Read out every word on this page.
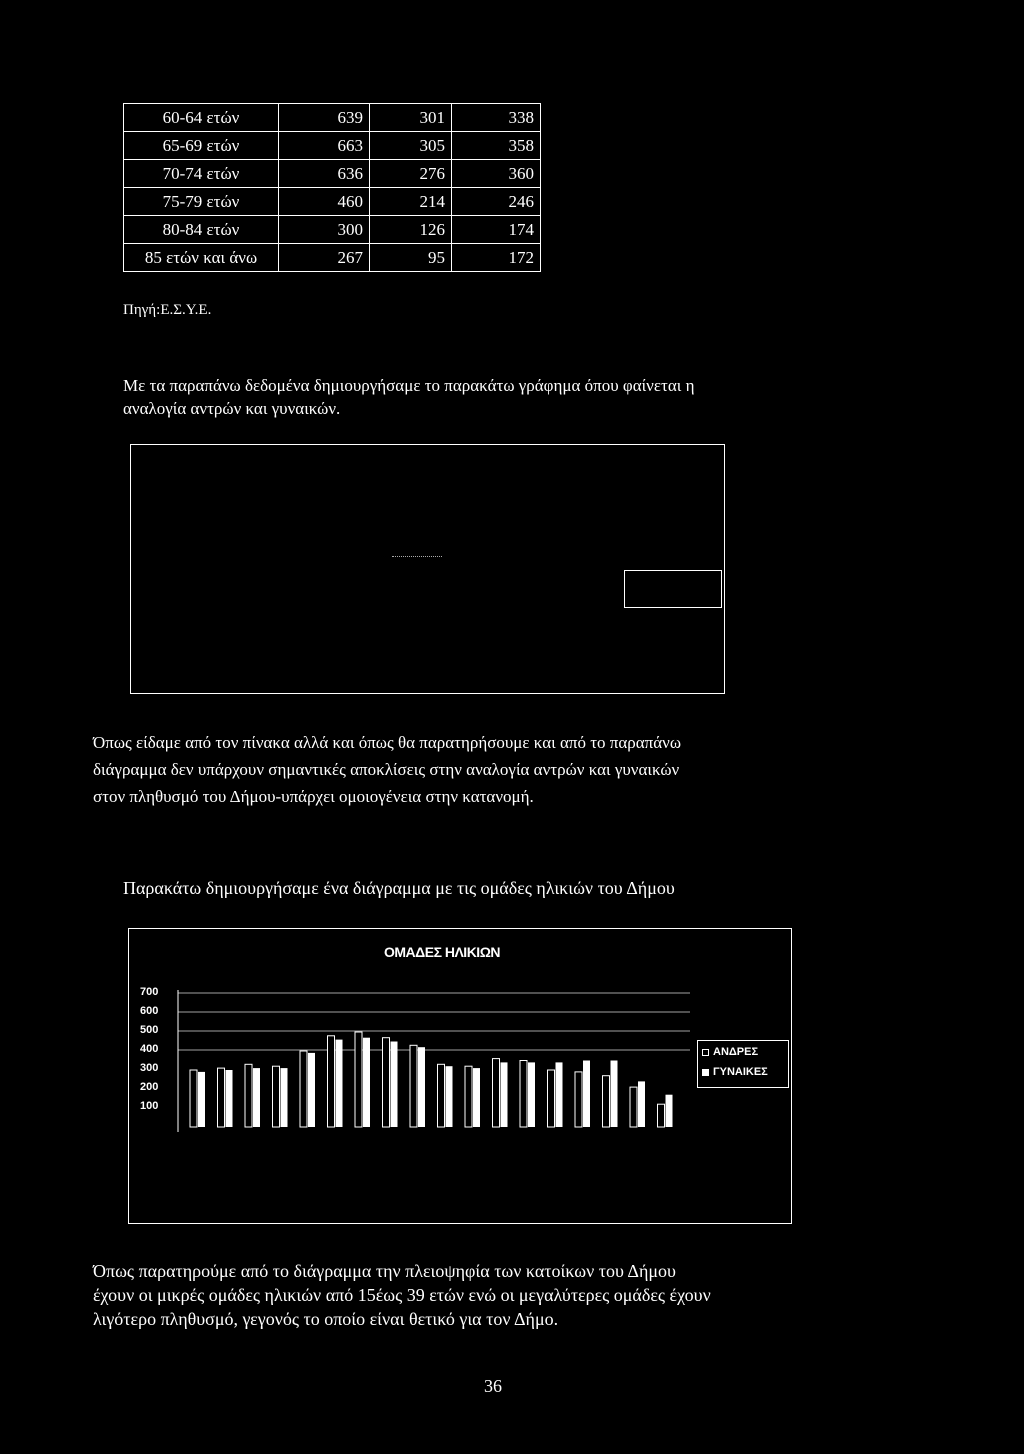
60-64 ετών	639	301	338
65-69 ετών	663	305	358
70-74 ετών	636	276	360
75-79 ετών	460	214	246
80-84 ετών	300	126	174
85 ετών και άνω	267	95	172
Πηγή:Ε.Σ.Υ.Ε.
Με τα παραπάνω δεδομένα δημιουργήσαμε το παρακάτω γράφημα όπου φαίνεται η
αναλογία αντρών και γυναικών.
Όπως είδαμε από τον πίνακα αλλά και όπως θα παρατηρήσουμε και από το παραπάνω
διάγραμμα δεν υπάρχουν σημαντικές αποκλίσεις στην αναλογία αντρών και γυναικών
στον πληθυσμό του Δήμου-υπάρχει ομοιογένεια στην κατανομή.
Παρακάτω δημιουργήσαμε ένα διάγραμμα με τις ομάδες ηλικιών του Δήμου
ΟΜΑΔΕΣ ΗΛΙΚΙΩΝ
700
600
500
400
300
200
100
ΑΝΔΡΕΣ
ΓΥΝΑΙΚΕΣ
Όπως παρατηρούμε από το διάγραμμα την πλειοψηφία των κατοίκων του Δήμου
έχουν οι μικρές ομάδες ηλικιών από 15έως 39 ετών ενώ οι μεγαλύτερες ομάδες έχουν
λιγότερο πληθυσμό, γεγονός το οποίο είναι θετικό για τον Δήμο.
36
